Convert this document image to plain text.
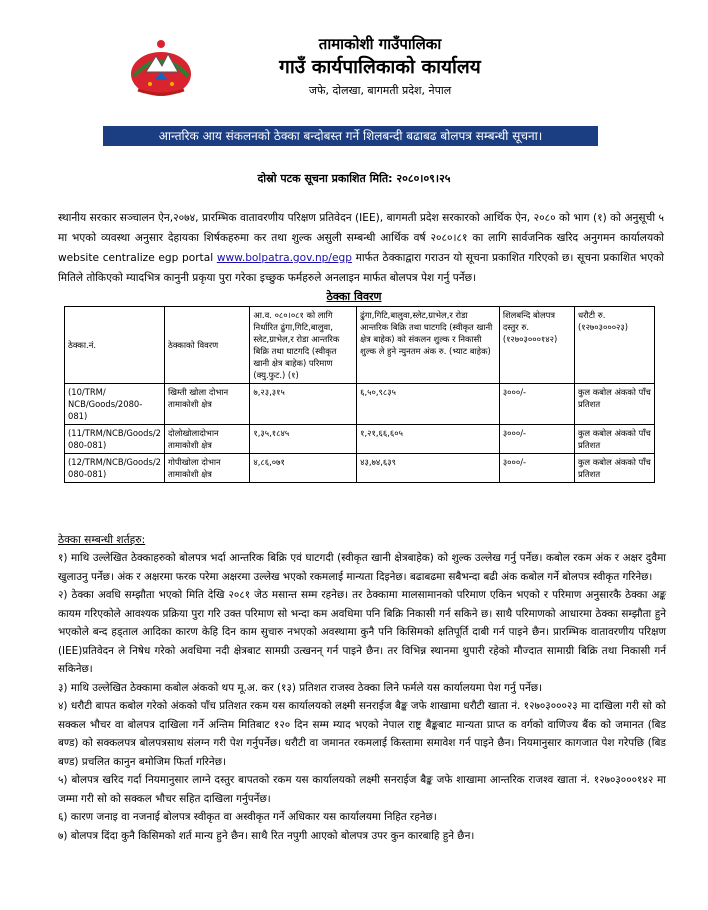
तामाकोशी गाउँपालिका
गाउँ कार्यपालिकाको कार्यालय
जफे, दोलखा, बागमती प्रदेश, नेपाल
आन्तरिक आय संकलनको ठेक्का बन्दोबस्त गर्ने शिलबन्दी बढाबढ बोलपत्र सम्बन्धी सूचना।
दोस्रो पटक सूचना प्रकाशित मिति: २०८०।०९।२५
स्थानीय सरकार सञ्चालन ऐन,२०७४, प्रारम्भिक वातावरणीय परिक्षण प्रतिवेदन (IEE), बागमती प्रदेश सरकारको आर्थिक ऐन, २०८० को भाग (१) को अनुसूची ५ मा भएको व्यवस्था अनुसार देहायका शिर्षकहरुमा कर तथा शुल्क असुली सम्बन्धी आर्थिक वर्ष २०८०।८१ का लागि सार्वजनिक खरिद अनुगमन कार्यालयको website centralize egp portal www.bolpatra.gov.np/egp मार्फत ठेक्काद्वारा गराउन यो सूचना प्रकाशित गरिएको छ। सूचना प्रकाशित भएको मितिले तोकिएको म्यादभित्र कानुनी प्रकृया पुरा गरेका इच्छुक फर्महरुले अनलाइन मार्फत बोलपत्र पेश गर्नु पर्नेछ।
ठेक्का विवरण
ठेक्का.नं.	ठेक्काको विवरण	आ.व. ०८०।०८१ को लागि निर्धारित ढुंगा,गिटि,बालुवा, स्लेट,ग्राभेल,र रोडा आन्तरिक बिक्रि तथा घाटगदि (स्वीकृत खानी क्षेत्र बाहेक) परिमाण (क्यु.फुट.) (१)	ढुंगा,गिटि,बालुवा,स्लेट,ग्राभेल,र रोडा आन्तरिक बिक्रि तथा घाटगदि (स्वीकृत खानी क्षेत्र बाहेक) को संकलन शुल्क र निकासी शुल्क ले हुने न्युनतम अंक रु. (भ्याट बाहेक)	शिलबन्दि बोलपत्र दस्तुर रु. (१२७०३०००१४२)	धरौटी रु. (१२७०३०००२३)
(10/TRM/ NCB/Goods/2080-081)	खिम्ती खोला दोभान तामाकोशी क्षेत्र	७,२३,३१५	६,५०,९८३५	३०००/-	कुल कबोल अंकको पाँच प्रतिशत
(11/TRM/NCB/Goods/2 080-081)	दोलोखोलादोभान तामाकोशी क्षेत्र	१,३५,१८४५	१,२१,६६,६०५	३०००/-	कुल कबोल अंकको पाँच प्रतिशत
(12/TRM/NCB/Goods/2 080-081)	गोपीखोला दोभान तामाकोशी क्षेत्र	४,८६,०७१	४३,७४,६३९	३०००/-	कुल कबोल अंकको पाँच प्रतिशत
ठेक्का सम्बन्धी शर्तहरु:

१) माथि उल्लेखित ठेक्काहरुको बोलपत्र भर्दा आन्तरिक बिक्रि एवं घाटगदी (स्वीकृत खानी क्षेत्रबाहेक) को शुल्क उल्लेख गर्नु पर्नेछ। कबोल रकम अंक र अक्षर दुवैमा खुलाउनु पर्नेछ। अंक र अक्षरमा फरक परेमा अक्षरमा उल्लेख भएको रकमलाई मान्यता दिइनेछ। बढाबढमा सबैभन्दा बढी अंक कबोल गर्ने बोलपत्र स्वीकृत गरिनेछ।

२) ठेक्का अवधि सम्झौता भएको मिति देखि २०८१ जेठ मसान्त सम्म रहनेछ। तर ठेक्कामा मालसामानको परिमाण एकिन भएको र परिमाण अनुसारकै ठेक्का अङ्क कायम गरिएकोले आवश्यक प्रक्रिया पुरा गरि उक्त परिमाण सो भन्दा कम अवधिमा पनि बिक्रि निकासी गर्न सकिने छ। साथै परिमाणको आधारमा ठेक्का सम्झौता हुने भएकोले बन्द हड्ताल आदिका कारण केहि दिन काम सुचारु नभएको अवस्थामा कुनै पनि किसिमको क्षतिपूर्ति दाबी गर्न पाइने छैन। प्रारम्भिक वातावरणीय परिक्षण (IEE)प्रतिवेदन ले निषेध गरेको अवधिमा नदी क्षेत्रबाट सामग्री उत्खनन् गर्न पाइने छैन। तर विभिन्न स्थानमा थुपारी रहेको मौज्दात सामाग्री बिक्रि तथा निकासी गर्न सकिनेछ।

३) माथि उल्लेखित ठेक्कामा कबोल अंकको थप मू.अ. कर (१३) प्रतिशत राजस्व ठेक्का लिने फर्मले यस कार्यालयमा पेश गर्नु पर्नेछ।

४) धरौटी बापत कबोल गरेको अंकको पाँच प्रतिशत रकम यस कार्यालयको लक्ष्मी सनराईज बैङ्क जफे शाखामा धरौटी खाता नं. १२७०३०००२३ मा दाखिला गरी सो को सक्कल भौचर वा बोलपत्र दाखिला गर्ने अन्तिम मितिबाट १२० दिन सम्म म्याद भएको नेपाल राष्ट्र बैङ्कबाट मान्यता प्राप्त क वर्गको वाणिज्य बैंक को जमानत (बिड बण्ड) को सक्कलपत्र बोलपत्रसाथ संलग्न गरी पेश गर्नुपर्नेछ। धरौटी वा जमानत रकमलाई किस्तामा समावेश गर्न पाइने छैन। नियमानुसार कागजात पेश गरेपछि (बिड बण्ड) प्रचलित कानुन बमोजिम फिर्ता गरिनेछ।

५) बोलपत्र खरिद गर्दा नियमानुसार लाग्ने दस्तुर बापतको रकम यस कार्यालयको लक्ष्मी सनराईज बैङ्क जफे शाखामा आन्तरिक राजश्व खाता नं. १२७०३०००१४२ मा जम्मा गरी सो को सक्कल भौचर सहित दाखिला गर्नुपर्नेछ।

६) कारण जनाइ वा नजनाई बोलपत्र स्वीकृत वा अस्वीकृत गर्ने अधिकार यस कार्यालयमा निहित रहनेछ।

७) बोलपत्र दिंदा कुनै किसिमको शर्त मान्य हुने छैन। साथै रित नपुगी आएको बोलपत्र उपर कुन कारबाहि हुने छैन।
